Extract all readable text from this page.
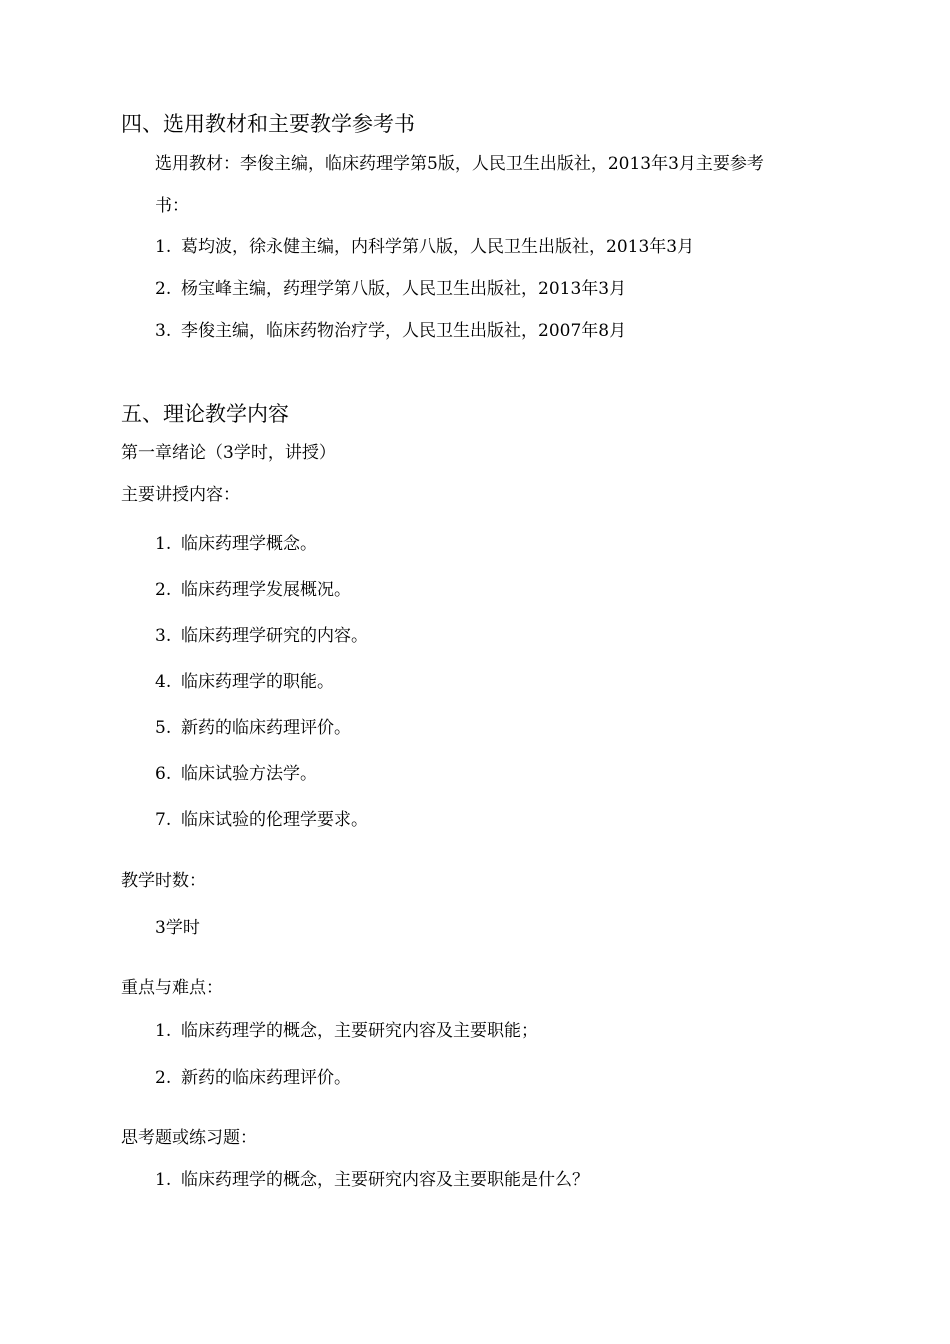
四、选用教材和主要教学参考书
选用教材：李俊主编，临床药理学第5版，人民卫生出版社，2013年3月主要参考
书：
1. 葛均波，徐永健主编，内科学第八版，人民卫生出版社，2013年3月
2. 杨宝峰主编，药理学第八版，人民卫生出版社，2013年3月
3. 李俊主编，临床药物治疗学，人民卫生出版社，2007年8月
五、理论教学内容
第一章绪论（3学时，讲授）
主要讲授内容：
1. 临床药理学概念。
2. 临床药理学发展概况。
3. 临床药理学研究的内容。
4. 临床药理学的职能。
5. 新药的临床药理评价。
6. 临床试验方法学。
7. 临床试验的伦理学要求。
教学时数：
3学时
重点与难点：
1. 临床药理学的概念，主要研究内容及主要职能；
2. 新药的临床药理评价。
思考题或练习题：
1. 临床药理学的概念，主要研究内容及主要职能是什么？
